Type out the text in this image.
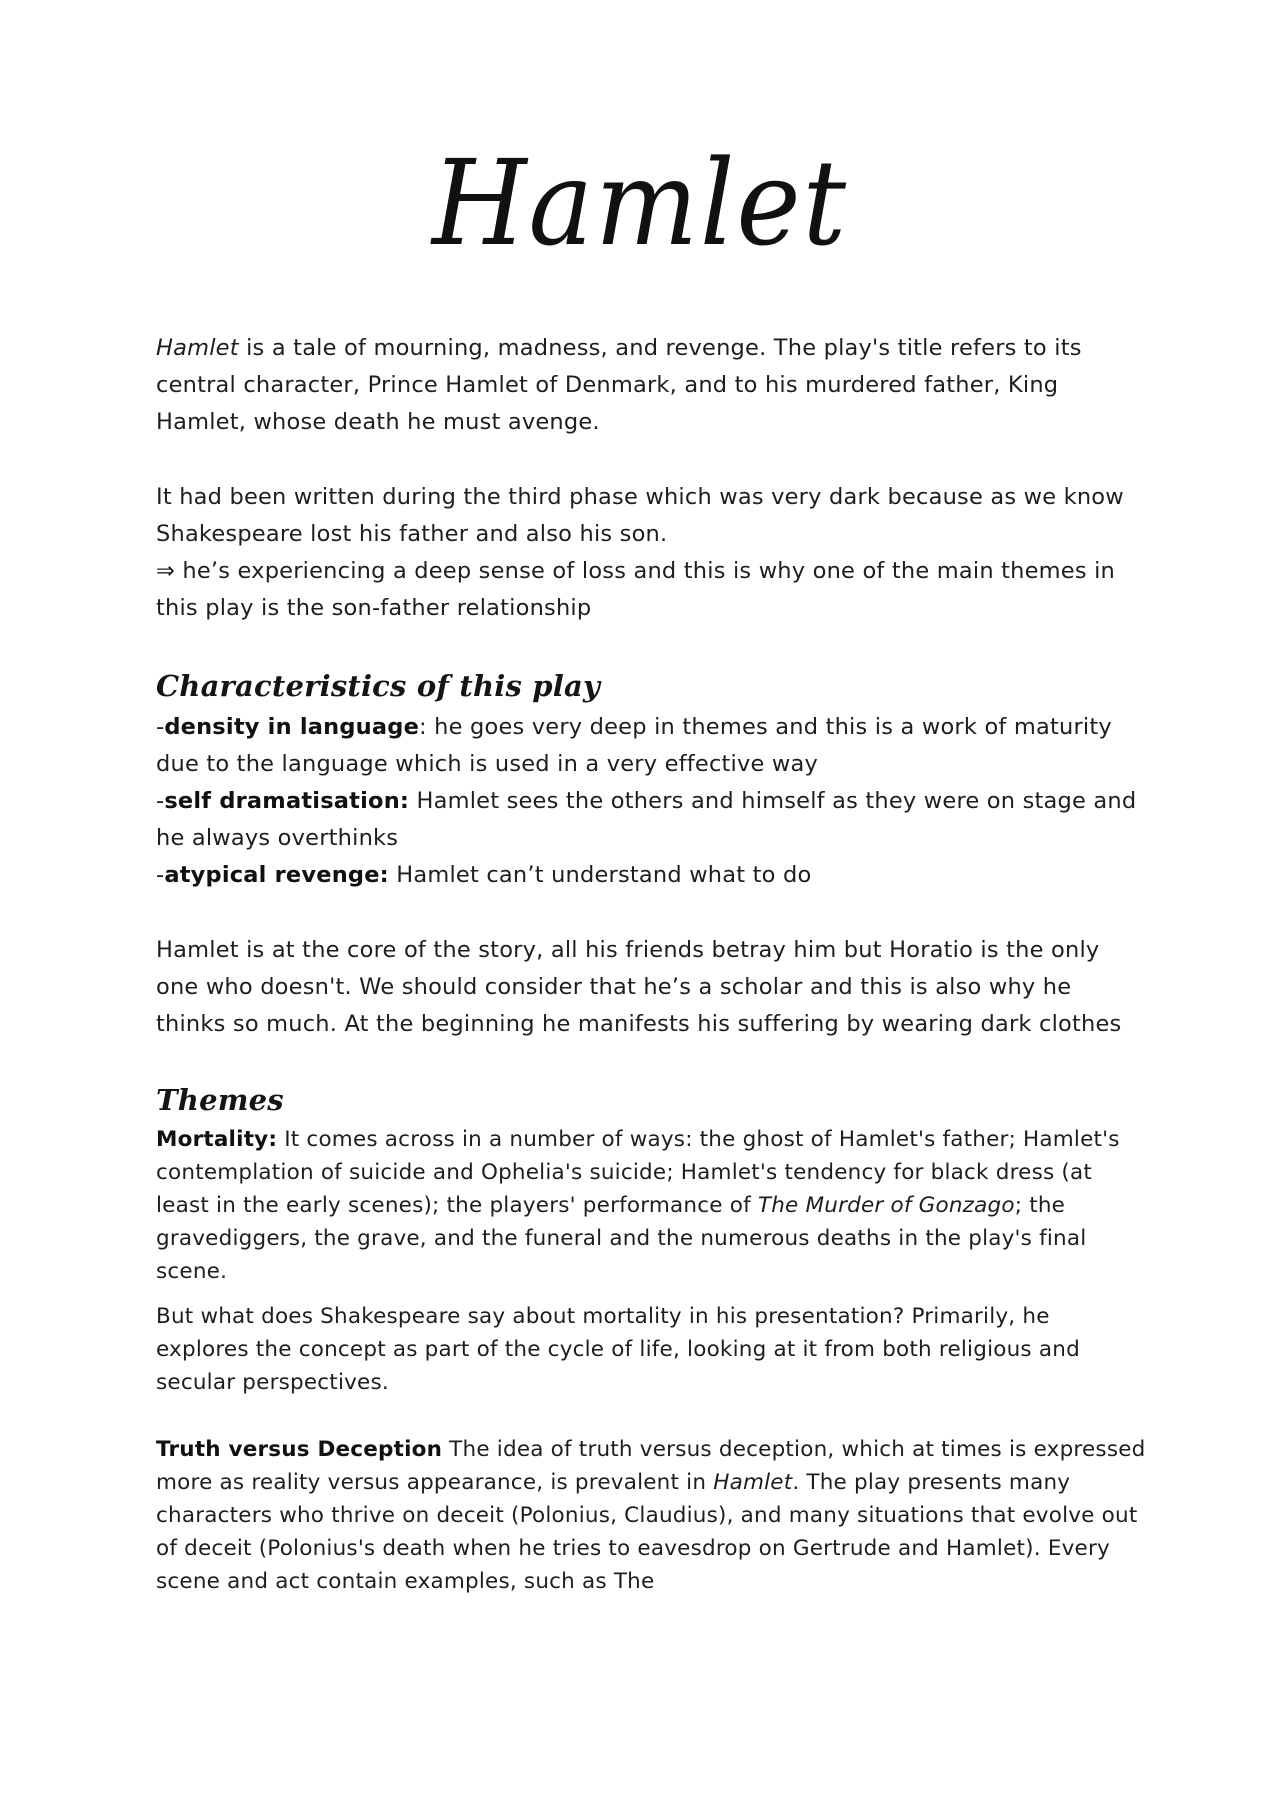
Hamlet

Hamlet is a tale of mourning, madness, and revenge. The play's title refers to its central character, Prince Hamlet of Denmark, and to his murdered father, King Hamlet, whose death he must avenge.

It had been written during the third phase which was very dark because as we know Shakespeare lost his father and also his son.

⇒ he’s experiencing a deep sense of loss and this is why one of the main themes in this play is the son-father relationship

Characteristics of this play

-density in language: he goes very deep in themes and this is a work of maturity due to the language which is used in a very effective way

-self dramatisation: Hamlet sees the others and himself as they were on stage and he always overthinks

-atypical revenge: Hamlet can’t understand what to do

Hamlet is at the core of the story, all his friends betray him but Horatio is the only one who doesn't. We should consider that he’s a scholar and this is also why he thinks so much. At the beginning he manifests his suffering by wearing dark clothes

Themes

Mortality: It comes across in a number of ways: the ghost of Hamlet's father; Hamlet's contemplation of suicide and Ophelia's suicide; Hamlet's tendency for black dress (at least in the early scenes); the players' performance of The Murder of Gonzago; the gravediggers, the grave, and the funeral and the numerous deaths in the play's final scene.

But what does Shakespeare say about mortality in his presentation? Primarily, he explores the concept as part of the cycle of life, looking at it from both religious and secular perspectives.

Truth versus Deception The idea of truth versus deception, which at times is expressed more as reality versus appearance, is prevalent in Hamlet. The play presents many characters who thrive on deceit (Polonius, Claudius), and many situations that evolve out of deceit (Polonius's death when he tries to eavesdrop on Gertrude and Hamlet). Every scene and act contain examples, such as The
